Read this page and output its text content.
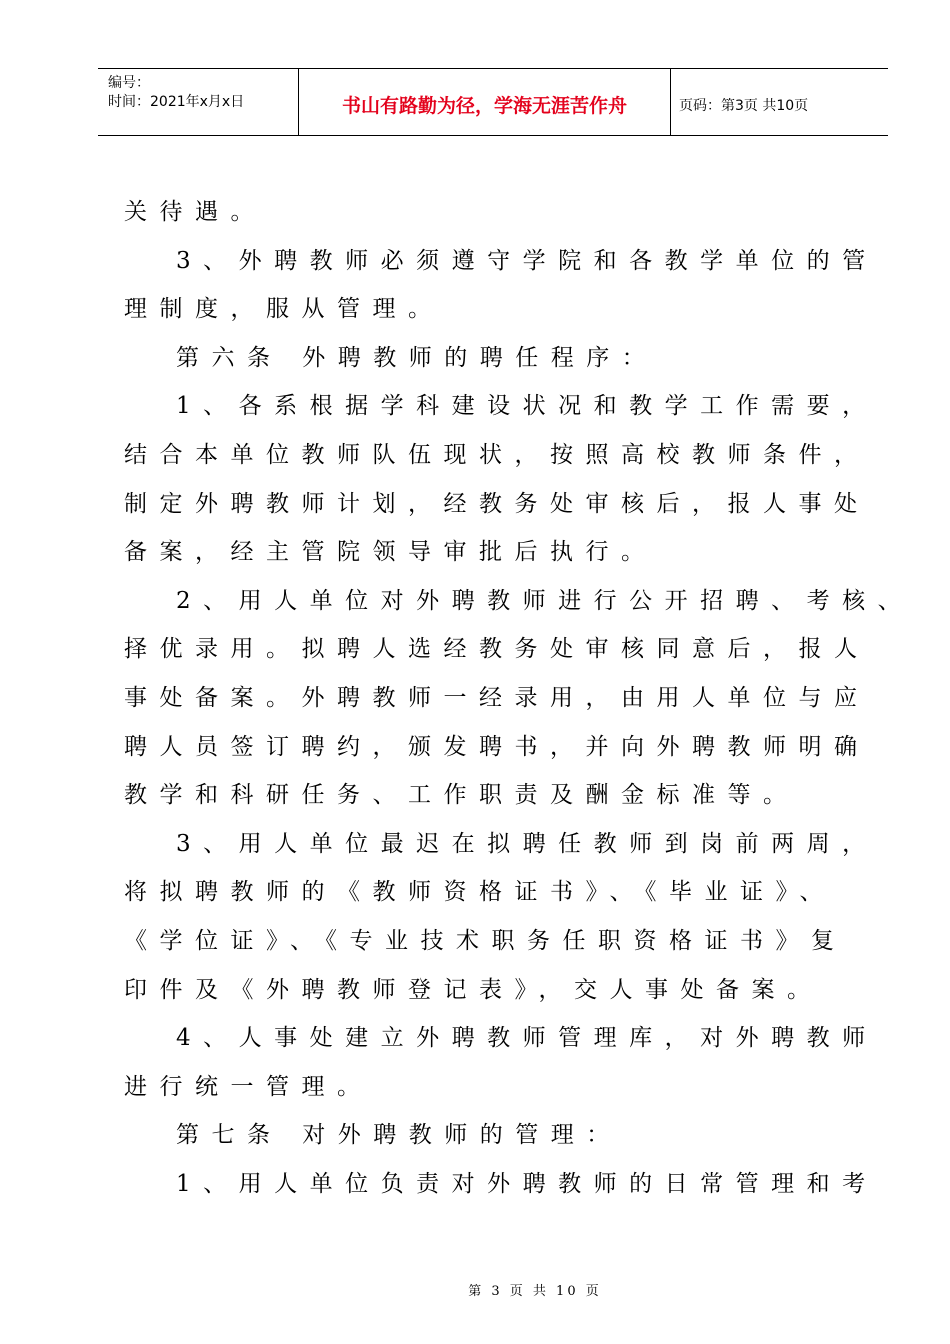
编号：
时间：2021年x月x日	书山有路勤为径，学海无涯苦作舟	页码：第3页 共10页
关待遇。
3、外聘教师必须遵守学院和各教学单位的管
理制度，服从管理。
第六条 外聘教师的聘任程序：
1、各系根据学科建设状况和教学工作需要，
结合本单位教师队伍现状，按照高校教师条件，
制定外聘教师计划，经教务处审核后，报人事处
备案，经主管院领导审批后执行。
2、用人单位对外聘教师进行公开招聘、考核、
择优录用。拟聘人选经教务处审核同意后，报人
事处备案。外聘教师一经录用，由用人单位与应
聘人员签订聘约，颁发聘书，并向外聘教师明确
教学和科研任务、工作职责及酬金标准等。
3、用人单位最迟在拟聘任教师到岗前两周，
将拟聘教师的《教师资格证书》、《毕业证》、
《学位证》、《专业技术职务任职资格证书》复
印件及《外聘教师登记表》，交人事处备案。
4、人事处建立外聘教师管理库，对外聘教师
进行统一管理。
第七条 对外聘教师的管理：
1、用人单位负责对外聘教师的日常管理和考
第 3 页 共 10 页
